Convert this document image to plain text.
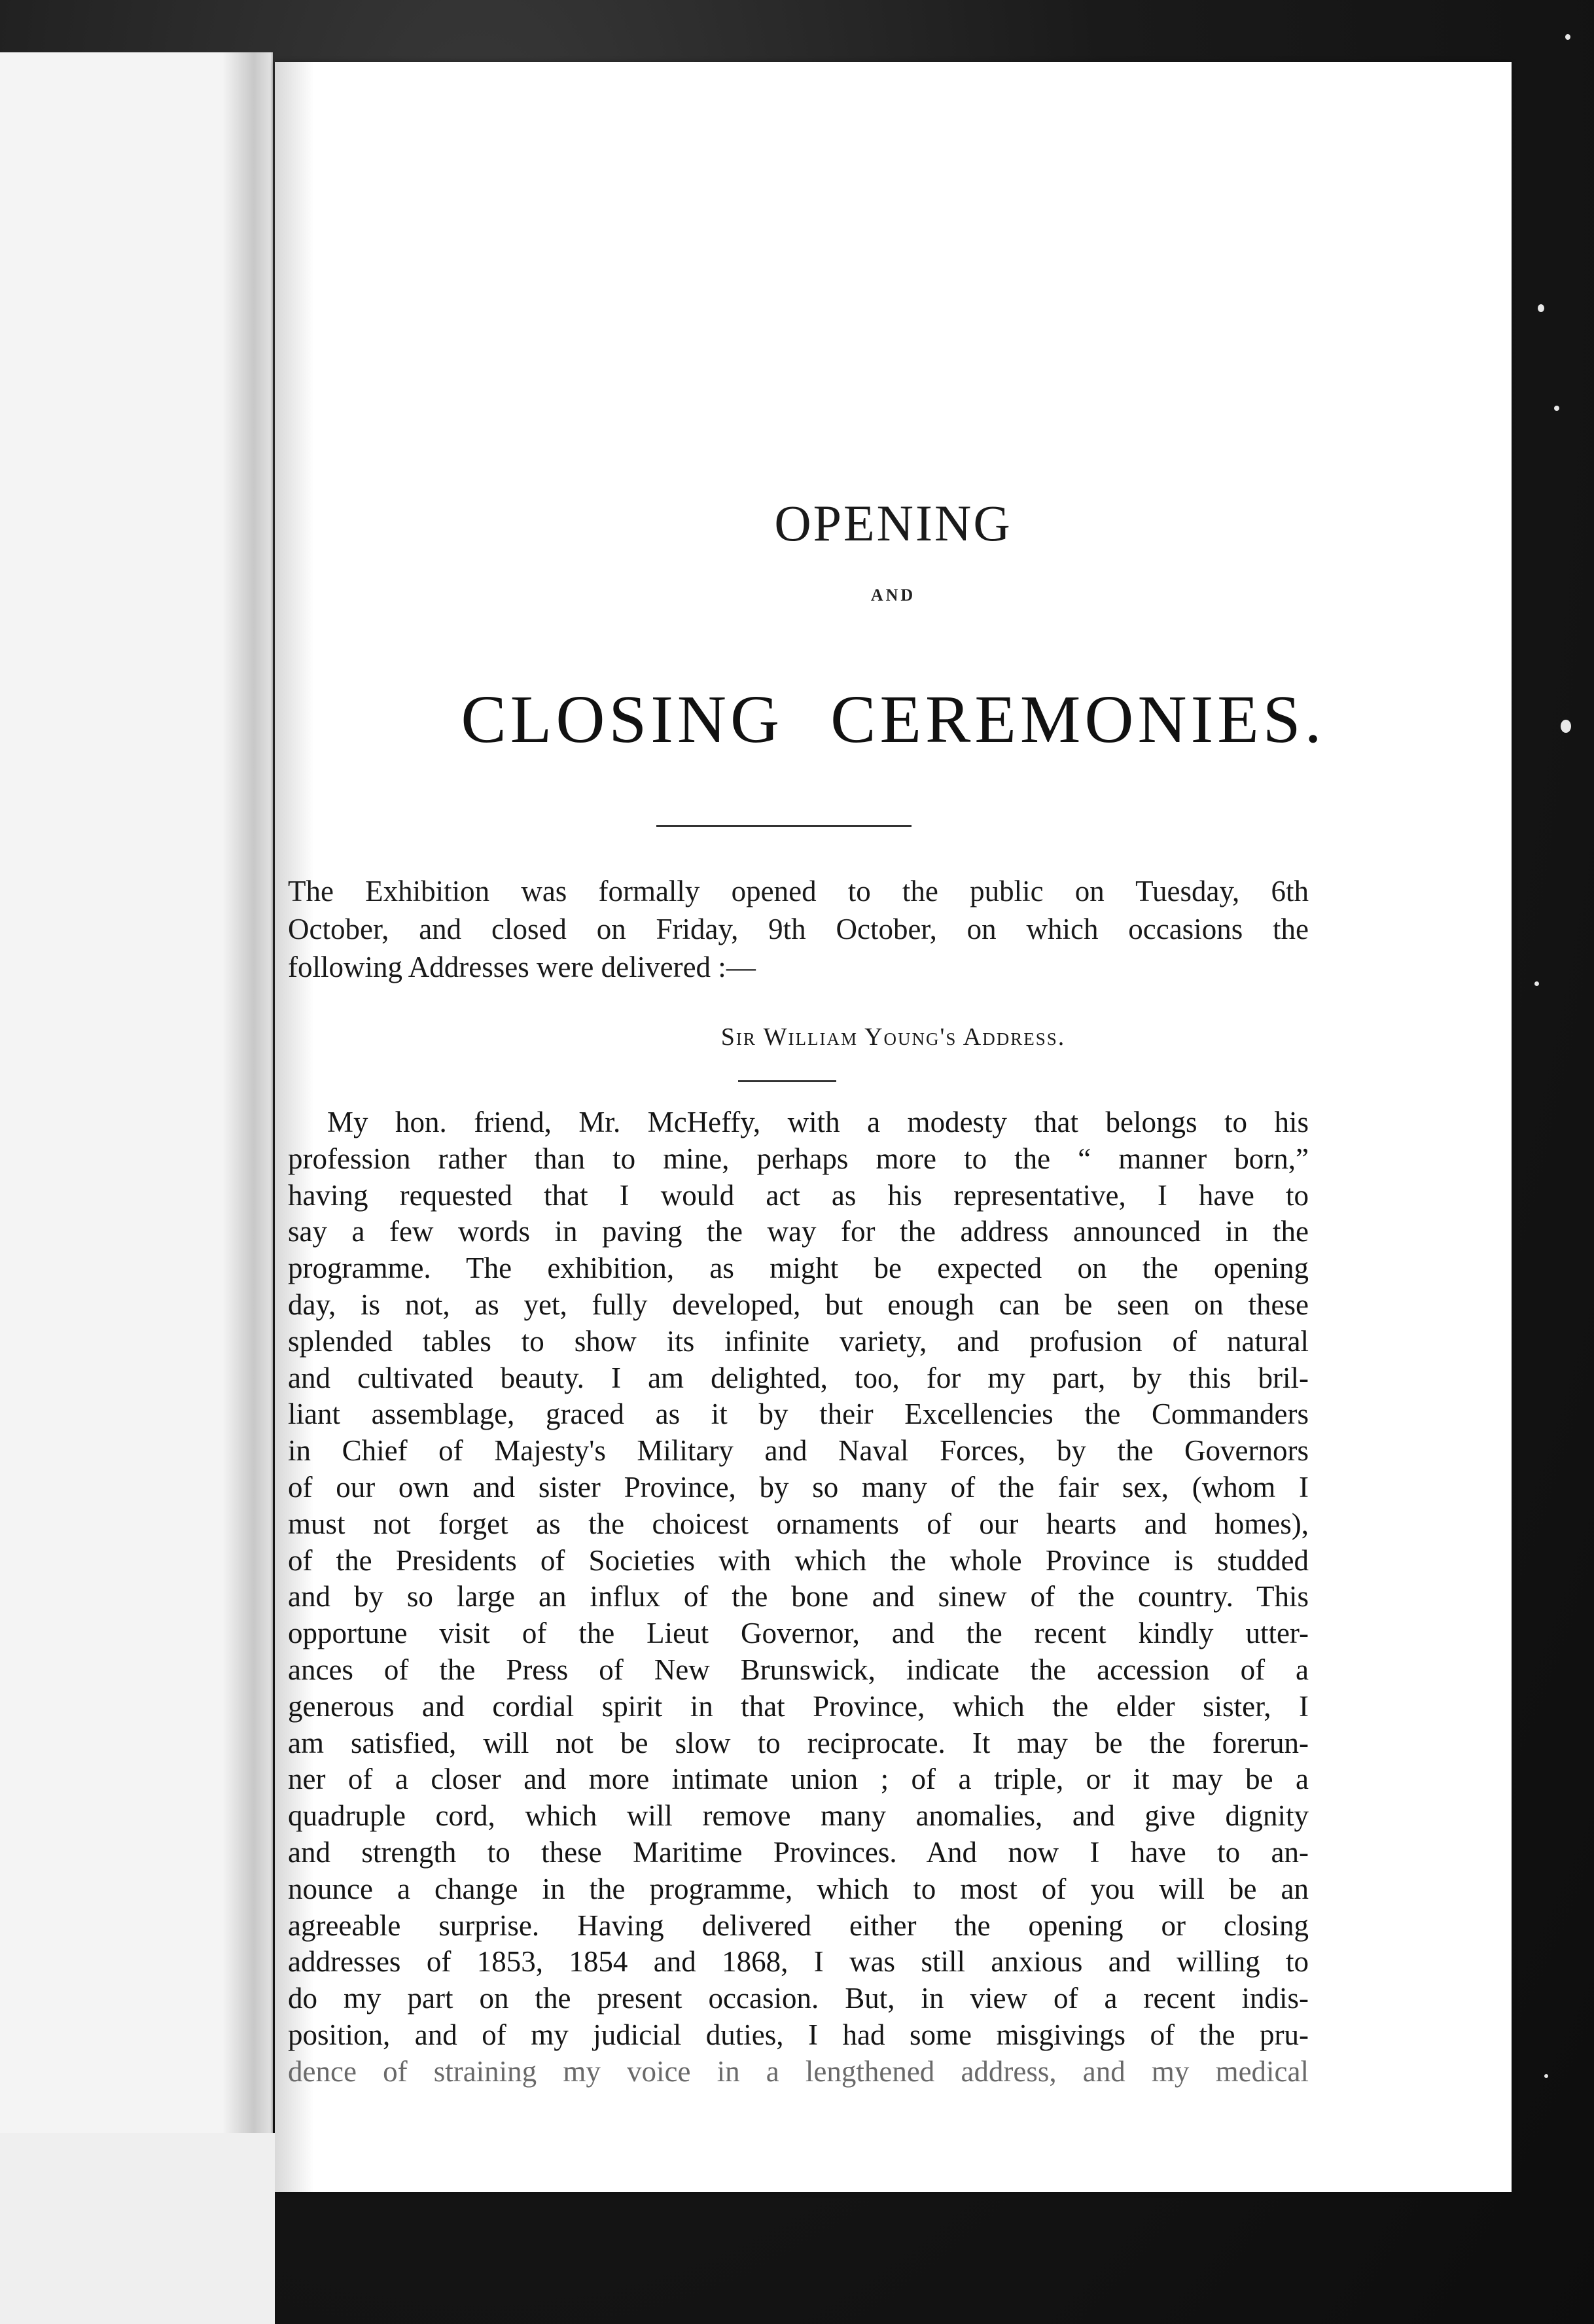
OPENING
AND
CLOSING CEREMONIES.
The Exhibition was formally opened to the public on Tuesday, 6th
October, and closed on Friday, 9th October, on which occasions the
following Addresses were delivered :—
Sir William Young's Address.
My hon. friend, Mr. McHeffy, with a modesty that belongs to his
profession rather than to mine, perhaps more to the “ manner born,”
having requested that I would act as his representative, I have to
say a few words in paving the way for the address announced in the
programme. The exhibition, as might be expected on the opening
day, is not, as yet, fully developed, but enough can be seen on these
splended tables to show its infinite variety, and profusion of natural
and cultivated beauty. I am delighted, too, for my part, by this bril-
liant assemblage, graced as it by their Excellencies the Commanders
in Chief of Majesty's Military and Naval Forces, by the Governors
of our own and sister Province, by so many of the fair sex, (whom I
must not forget as the choicest ornaments of our hearts and homes),
of the Presidents of Societies with which the whole Province is studded
and by so large an influx of the bone and sinew of the country. This
opportune visit of the Lieut Governor, and the recent kindly utter-
ances of the Press of New Brunswick, indicate the accession of a
generous and cordial spirit in that Province, which the elder sister, I
am satisfied, will not be slow to reciprocate. It may be the forerun-
ner of a closer and more intimate union ; of a triple, or it may be a
quadruple cord, which will remove many anomalies, and give dignity
and strength to these Maritime Provinces. And now I have to an-
nounce a change in the programme, which to most of you will be an
agreeable surprise. Having delivered either the opening or closing
addresses of 1853, 1854 and 1868, I was still anxious and willing to
do my part on the present occasion. But, in view of a recent indis-
position, and of my judicial duties, I had some misgivings of the pru-
dence of straining my voice in a lengthened address, and my medical
